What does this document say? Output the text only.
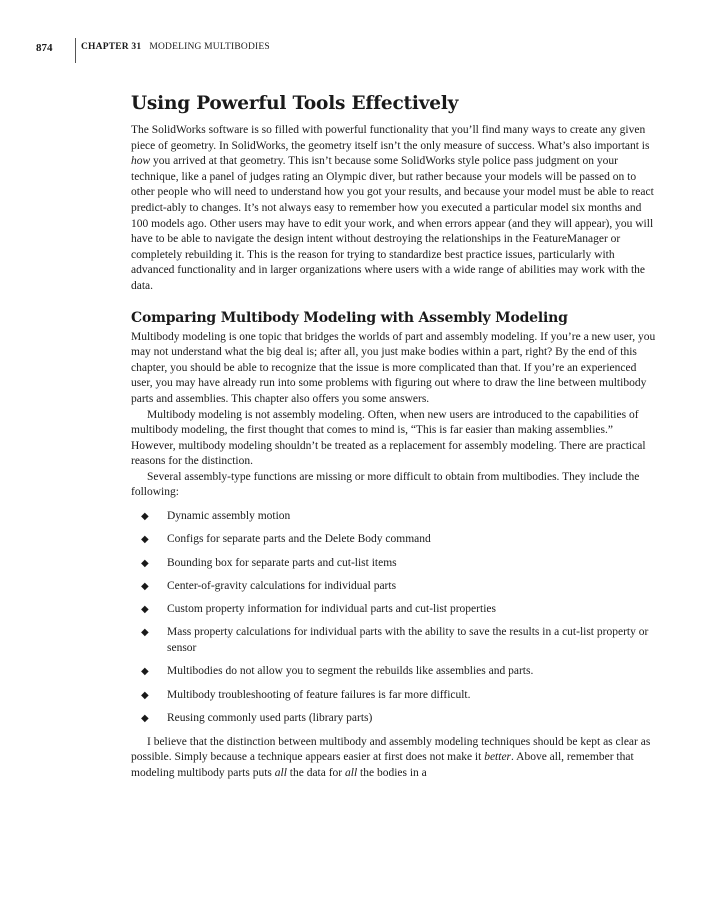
874	CHAPTER 31 MODELING MULTIBODIES
Using Powerful Tools Effectively

The SolidWorks software is so filled with powerful functionality that you’ll find many ways to create any given piece of geometry. In SolidWorks, the geometry itself isn’t the only measure of success. What’s also important is how you arrived at that geometry. This isn’t because some SolidWorks style police pass judgment on your technique, like a panel of judges rating an Olympic diver, but rather because your models will be passed on to other people who will need to understand how you got your results, and because your model must be able to react predict-ably to changes. It’s not always easy to remember how you executed a particular model six months and 100 models ago. Other users may have to edit your work, and when errors appear (and they will appear), you will have to be able to navigate the design intent without destroying the relationships in the FeatureManager or completely rebuilding it. This is the reason for trying to standardize best practice issues, particularly with advanced functionality and in larger organizations where users with a wide range of abilities may work with the data.

Comparing Multibody Modeling with Assembly Modeling

Multibody modeling is one topic that bridges the worlds of part and assembly modeling. If you’re a new user, you may not understand what the big deal is; after all, you just make bodies within a part, right? By the end of this chapter, you should be able to recognize that the issue is more complicated than that. If you’re an experienced user, you may have already run into some problems with figuring out where to draw the line between multibody parts and assemblies. This chapter also offers you some answers.

Multibody modeling is not assembly modeling. Often, when new users are introduced to the capabilities of multibody modeling, the first thought that comes to mind is, “This is far easier than making assemblies.” However, multibody modeling shouldn’t be treated as a replacement for assembly modeling. There are practical reasons for the distinction.

Several assembly-type functions are missing or more difficult to obtain from multibodies. They include the following:

◆ Dynamic assembly motion
◆ Configs for separate parts and the Delete Body command
◆ Bounding box for separate parts and cut-list items
◆ Center-of-gravity calculations for individual parts
◆ Custom property information for individual parts and cut-list properties
◆ Mass property calculations for individual parts with the ability to save the results in a cut-list property or sensor
◆ Multibodies do not allow you to segment the rebuilds like assemblies and parts.
◆ Multibody troubleshooting of feature failures is far more difficult.
◆ Reusing commonly used parts (library parts)

I believe that the distinction between multibody and assembly modeling techniques should be kept as clear as possible. Simply because a technique appears easier at first does not make it better. Above all, remember that modeling multibody parts puts all the data for all the bodies in a
